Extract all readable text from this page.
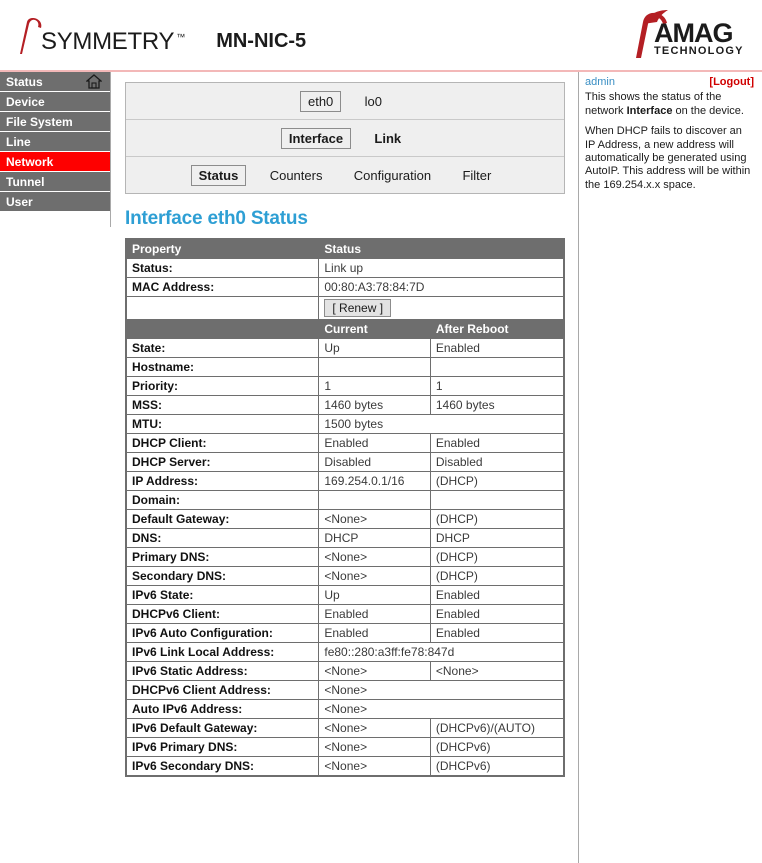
SYMMETRY ™ MN-NIC-5	AMAG
TECHNOLOGY
Status
Device
File System
Line
Network
Tunnel
User
eth0 lo0
Interface Link
Status Counters Configuration Filter
Interface eth0 Status
Property	Status	
Status:	Link up	
MAC Address:	00:80:A3:78:84:7D	
	[ Renew ]	
	Current	After Reboot
State:	Up	Enabled
Hostname:		
Priority:	1	1
MSS:	1460 bytes	1460 bytes
MTU:	1500 bytes	
DHCP Client:	Enabled	Enabled
DHCP Server:	Disabled	Disabled
IP Address:	169.254.0.1/16	(DHCP)
Domain:		
Default Gateway:	<None>	(DHCP)
DNS:	DHCP	DHCP
Primary DNS:	<None>	(DHCP)
Secondary DNS:	<None>	(DHCP)
IPv6 State:	Up	Enabled
DHCPv6 Client:	Enabled	Enabled
IPv6 Auto Configuration:	Enabled	Enabled
IPv6 Link Local Address:	fe80::280:a3ff:fe78:847d	
IPv6 Static Address:	<None>	<None>
DHCPv6 Client Address:	<None>	
Auto IPv6 Address:	<None>	
IPv6 Default Gateway:	<None>	(DHCPv6)/(AUTO)
IPv6 Primary DNS:	<None>	(DHCPv6)
IPv6 Secondary DNS:	<None>	(DHCPv6)
admin	[Logout]

This shows the status of the network Interface on the device.

When DHCP fails to discover an IP Address, a new address will automatically be generated using AutoIP. This address will be within the 169.254.x.x space.
